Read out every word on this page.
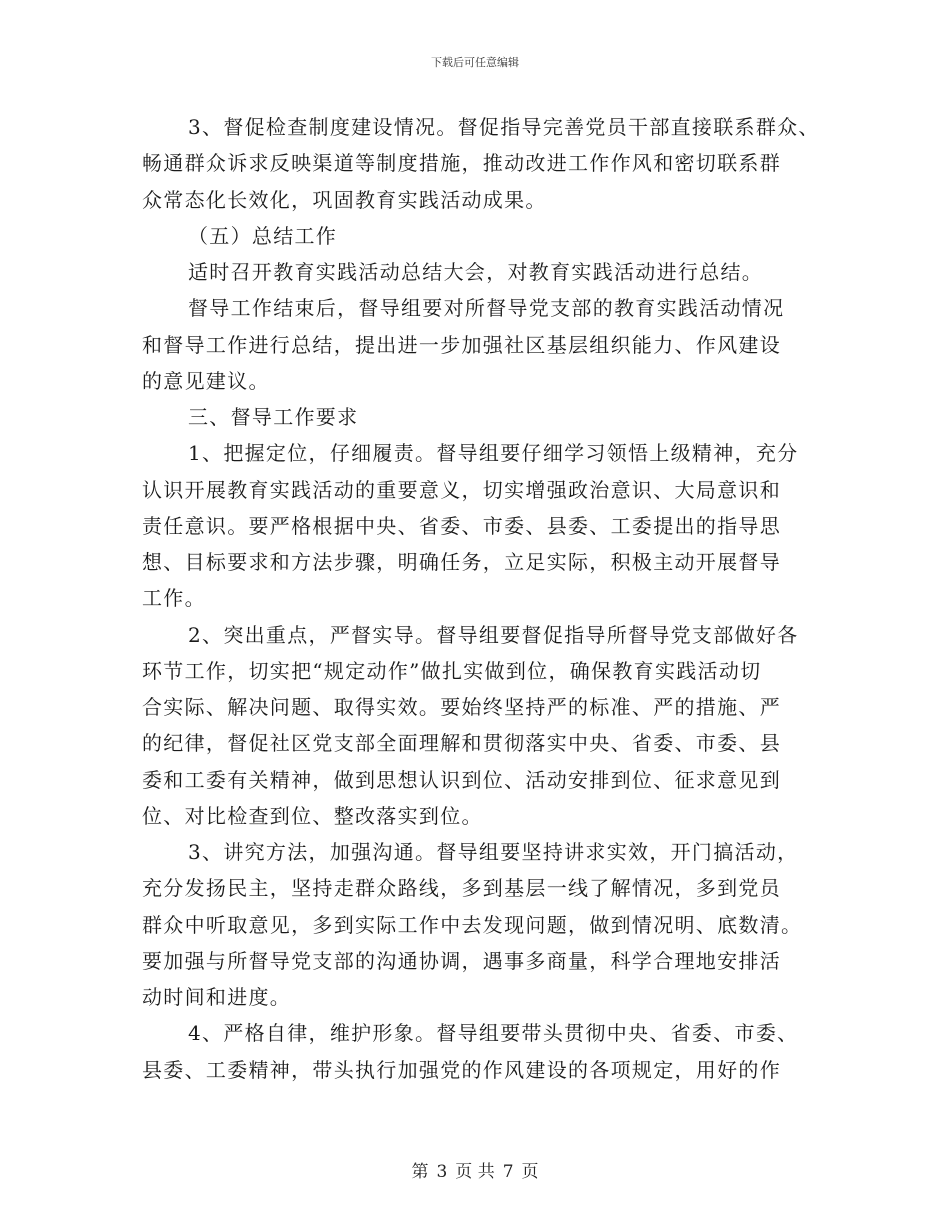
下载后可任意编辑
3、督促检查制度建设情况。督促指导完善党员干部直接联系群众、
畅通群众诉求反映渠道等制度措施，推动改进工作作风和密切联系群
众常态化长效化，巩固教育实践活动成果。
（五）总结工作
适时召开教育实践活动总结大会，对教育实践活动进行总结。
督导工作结束后，督导组要对所督导党支部的教育实践活动情况
和督导工作进行总结，提出进一步加强社区基层组织能力、作风建设
的意见建议。
三、督导工作要求
1、把握定位，仔细履责。督导组要仔细学习领悟上级精神，充分
认识开展教育实践活动的重要意义，切实增强政治意识、大局意识和
责任意识。要严格根据中央、省委、市委、县委、工委提出的指导思
想、目标要求和方法步骤，明确任务，立足实际，积极主动开展督导
工作。
2、突出重点，严督实导。督导组要督促指导所督导党支部做好各
环节工作，切实把“规定动作”做扎实做到位，确保教育实践活动切
合实际、解决问题、取得实效。要始终坚持严的标准、严的措施、严
的纪律，督促社区党支部全面理解和贯彻落实中央、省委、市委、县
委和工委有关精神，做到思想认识到位、活动安排到位、征求意见到
位、对比检查到位、整改落实到位。
3、讲究方法，加强沟通。督导组要坚持讲求实效，开门搞活动，
充分发扬民主，坚持走群众路线，多到基层一线了解情况，多到党员
群众中听取意见，多到实际工作中去发现问题，做到情况明、底数清。
要加强与所督导党支部的沟通协调，遇事多商量，科学合理地安排活
动时间和进度。
4、严格自律，维护形象。督导组要带头贯彻中央、省委、市委、
县委、工委精神，带头执行加强党的作风建设的各项规定，用好的作
第 3 页 共 7 页
